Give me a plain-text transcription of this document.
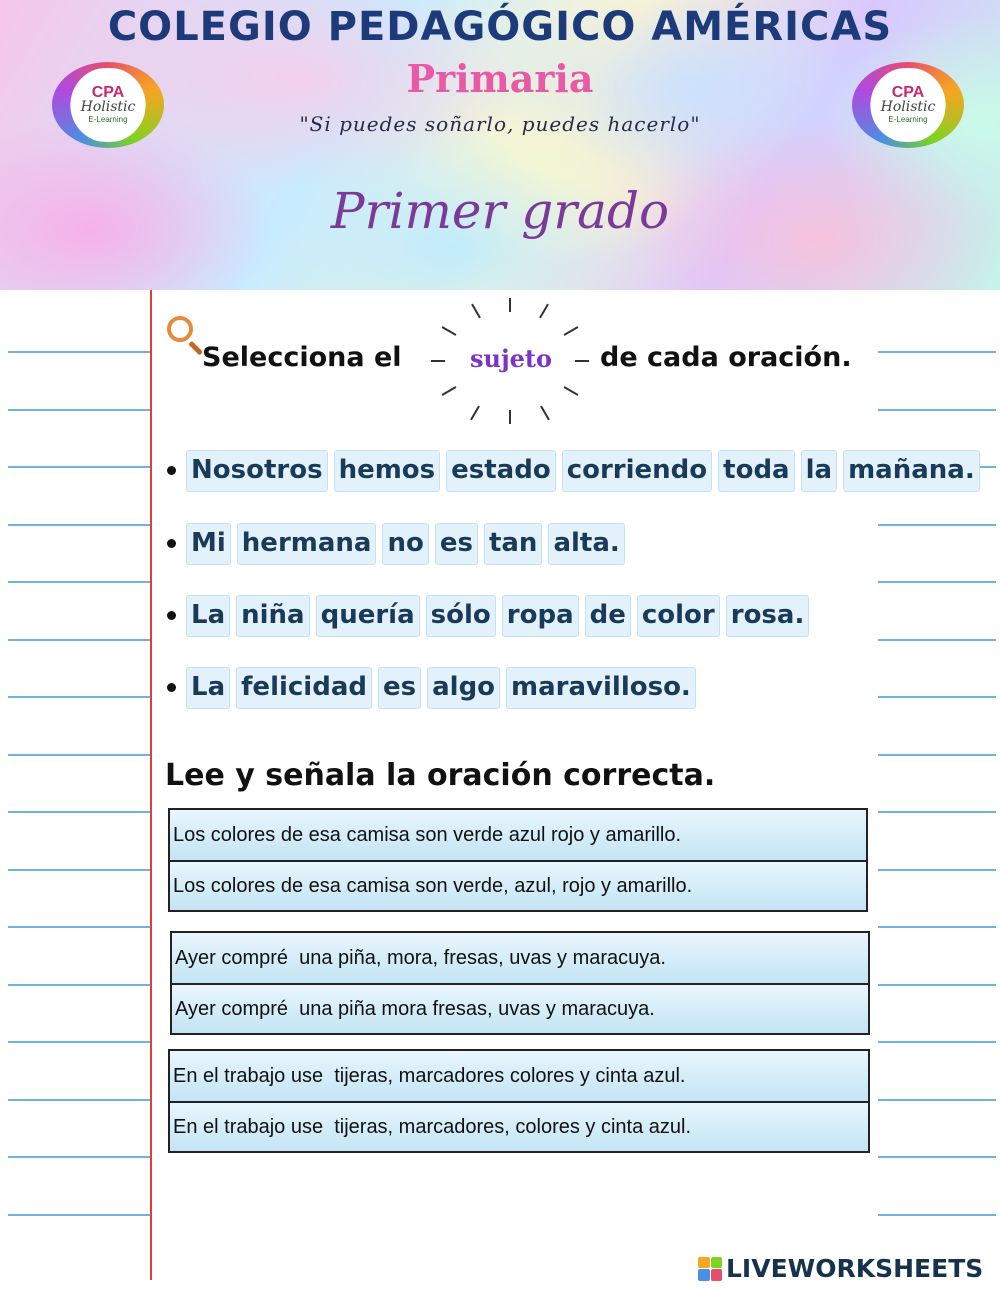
COLEGIO PEDAGÓGICO AMÉRICAS
Primaria
"Si puedes soñarlo, puedes hacerlo"
Primer grado
CPA
Holistic
E-Learning
CPA
Holistic
E-Learning
Selecciona el	sujeto de cada oración.
Nosotros hemos estado corriendo toda la mañana.
Mi hermana no es tan alta.
La niña quería sólo ropa de color rosa.
La felicidad es algo maravilloso.
Lee y señala la oración correcta.
Los colores de esa camisa son verde azul rojo y amarillo.
Los colores de esa camisa son verde, azul, rojo y amarillo.
Ayer compré  una piña, mora, fresas, uvas y maracuya.
Ayer compré  una piña mora fresas, uvas y maracuya.
En el trabajo use  tijeras, marcadores colores y cinta azul.
En el trabajo use  tijeras, marcadores, colores y cinta azul.
LIVEWORKSHEETS
